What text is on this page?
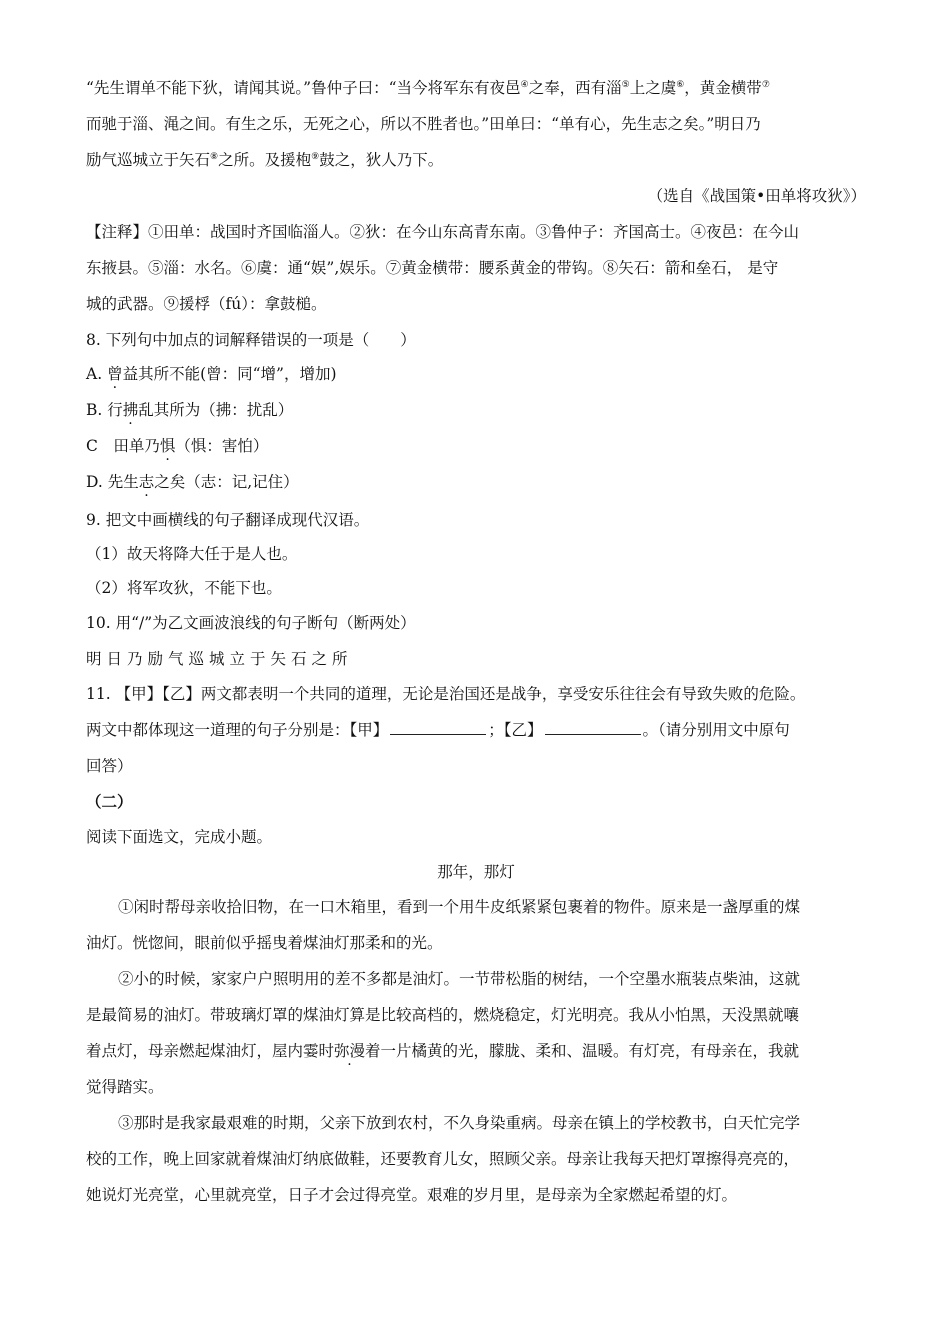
“先生谓单不能下狄，请闻其说。”鲁仲子曰：“当今将军东有夜邑④之奉，西有淄⑤上之虞⑥，黄金横带⑦
而驰于淄、渑之间。有生之乐，无死之心，所以不胜者也。”田单曰：“单有心，先生志之矣。”明日乃
励气巡城立于矢石⑧之所。及援枹⑨鼓之，狄人乃下。
（选自《战国策•田单将攻狄》）
【注释】①田单：战国时齐国临淄人。②狄：在今山东高青东南。③鲁仲子：齐国高士。④夜邑：在今山
东掖县。⑤淄：水名。⑥虞：通“娱”,娱乐。⑦黄金横带：腰系黄金的带钩。⑧矢石：箭和垒石， 是守
城的武器。⑨援桴（fú）：拿鼓槌。
8. 下列句中加点的词解释错误的一项是（　　）
A. 曾益其所不能(曾：同“增”，增加)
B. 行拂乱其所为（拂：扰乱）
C　田单乃惧（惧：害怕）
D. 先生志之矣（志：记,记住）
9. 把文中画横线的句子翻译成现代汉语。
（1）故天将降大任于是人也。
（2）将军攻狄，不能下也。
10. 用“/”为乙文画波浪线的句子断句（断两处）
明日乃励气巡城立于矢石之所
11. 【甲】【乙】两文都表明一个共同的道理，无论是治国还是战争，享受安乐往往会有导致失败的危险。
两文中都体现这一道理的句子分别是：【甲】	；【乙】	。（请分别用文中原句
回答）
（二）
阅读下面选文，完成小题。
那年，那灯
①闲时帮母亲收拾旧物，在一口木箱里，看到一个用牛皮纸紧紧包裹着的物件。原来是一盏厚重的煤
油灯。恍惚间，眼前似乎摇曳着煤油灯那柔和的光。
②小的时候，家家户户照明用的差不多都是油灯。一节带松脂的树结，一个空墨水瓶装点柴油，这就
是最简易的油灯。带玻璃灯罩的煤油灯算是比较高档的，燃烧稳定，灯光明亮。我从小怕黑，天没黑就嚷
着点灯，母亲燃起煤油灯，屋内霎时弥漫着一片橘黄的光，朦胧、柔和、温暖。有灯亮，有母亲在，我就
觉得踏实。
③那时是我家最艰难的时期，父亲下放到农村，不久身染重病。母亲在镇上的学校教书，白天忙完学
校的工作，晚上回家就着煤油灯纳底做鞋，还要教育儿女，照顾父亲。母亲让我每天把灯罩擦得亮亮的，
她说灯光亮堂，心里就亮堂，日子才会过得亮堂。艰难的岁月里，是母亲为全家燃起希望的灯。
